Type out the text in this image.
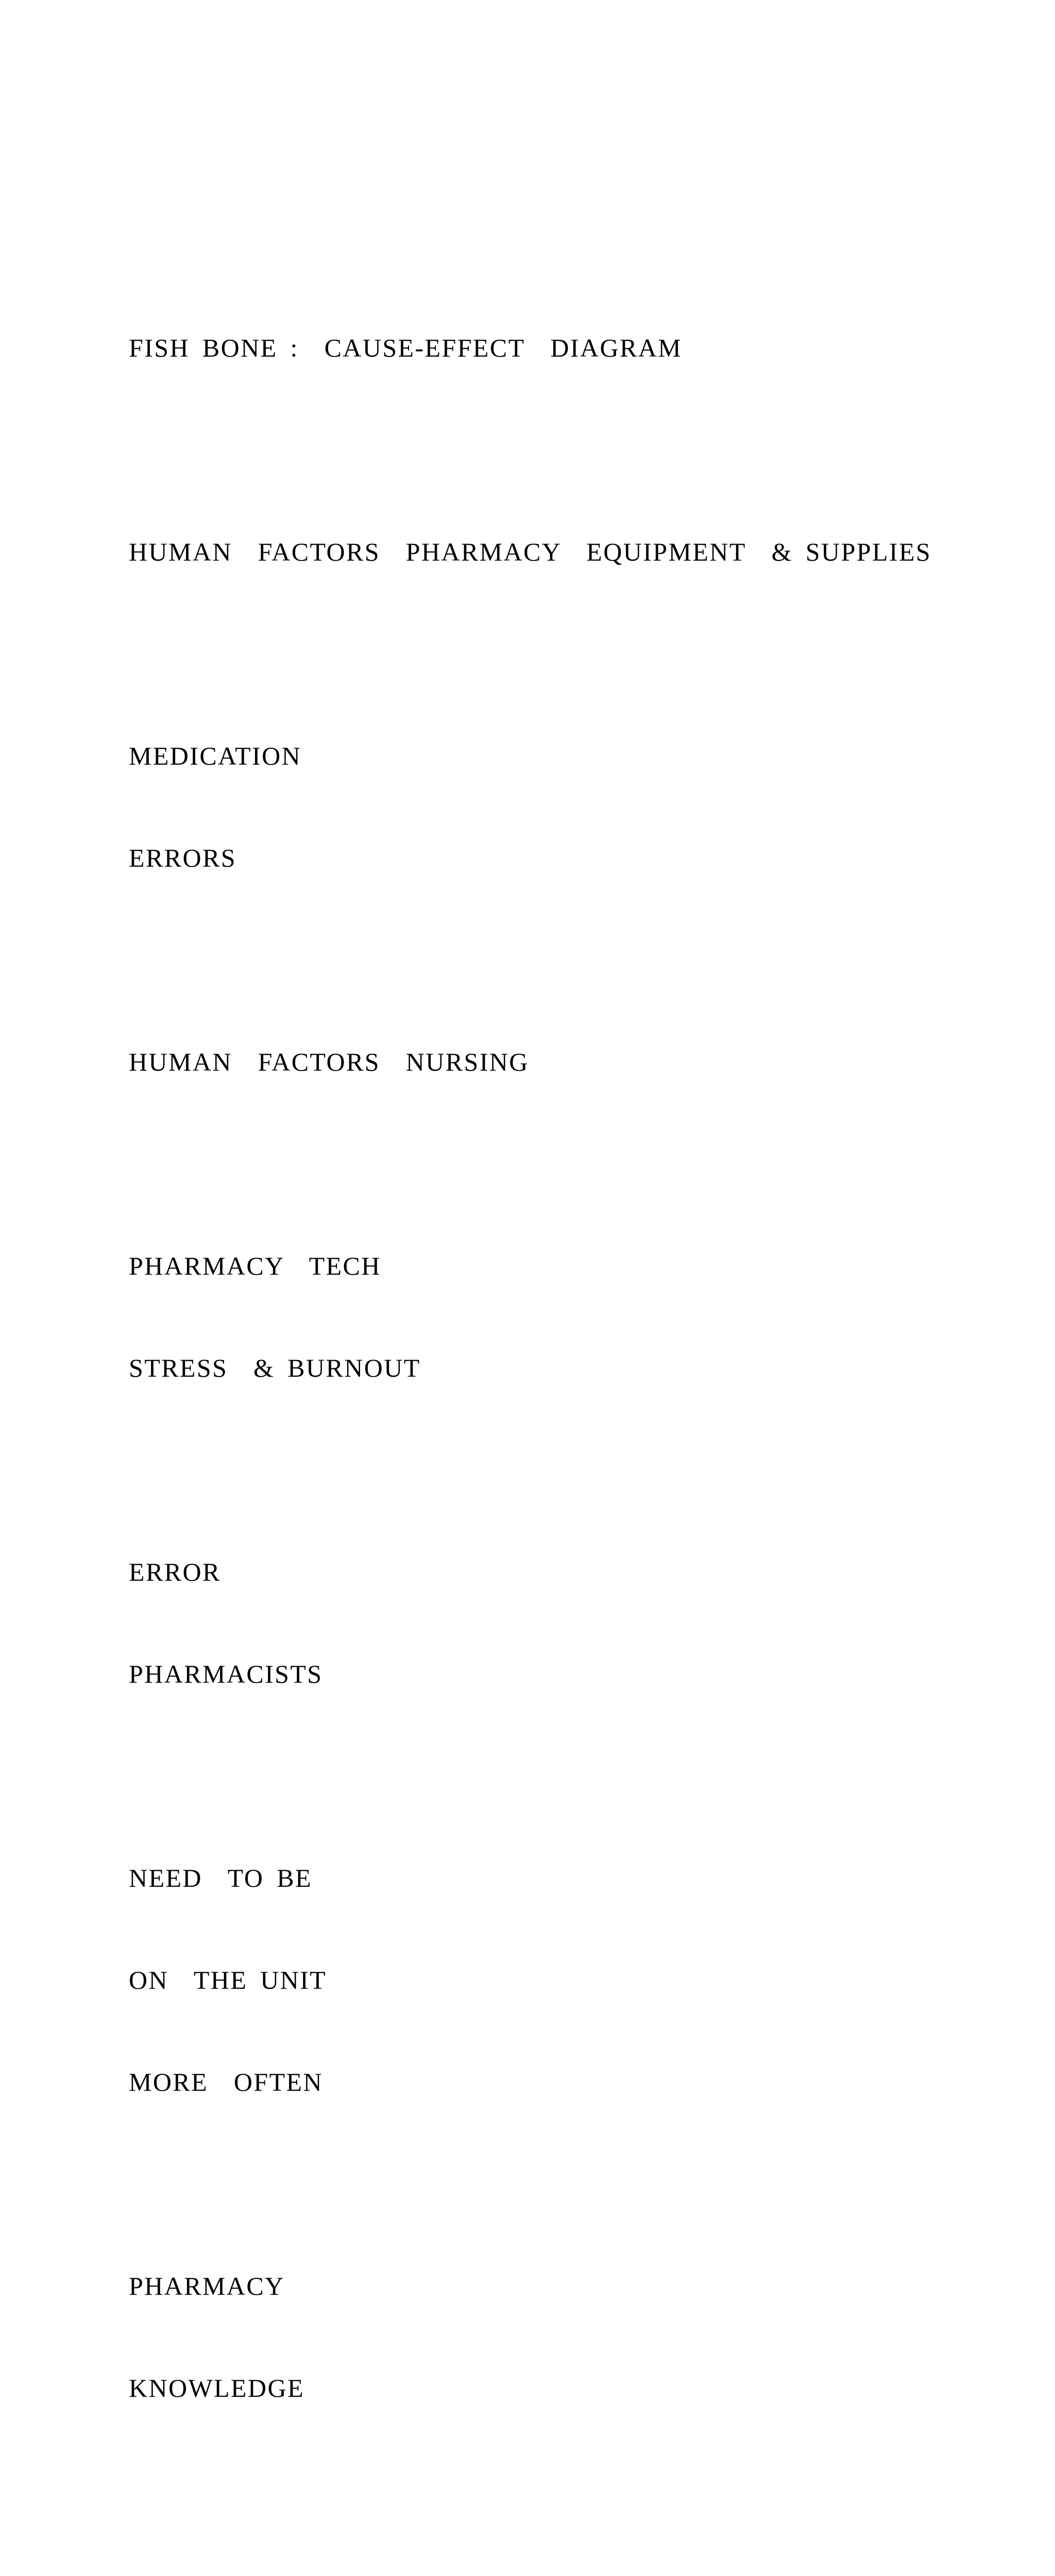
FISH BONE :  CAUSE-EFFECT  DIAGRAM

HUMAN  FACTORS  PHARMACY  EQUIPMENT  & SUPPLIES

MEDICATION

ERRORS

HUMAN  FACTORS  NURSING

PHARMACY  TECH

STRESS  & BURNOUT

ERROR

PHARMACISTS

NEED  TO BE

ON  THE UNIT

MORE  OFTEN

PHARMACY

KNOWLEDGE
